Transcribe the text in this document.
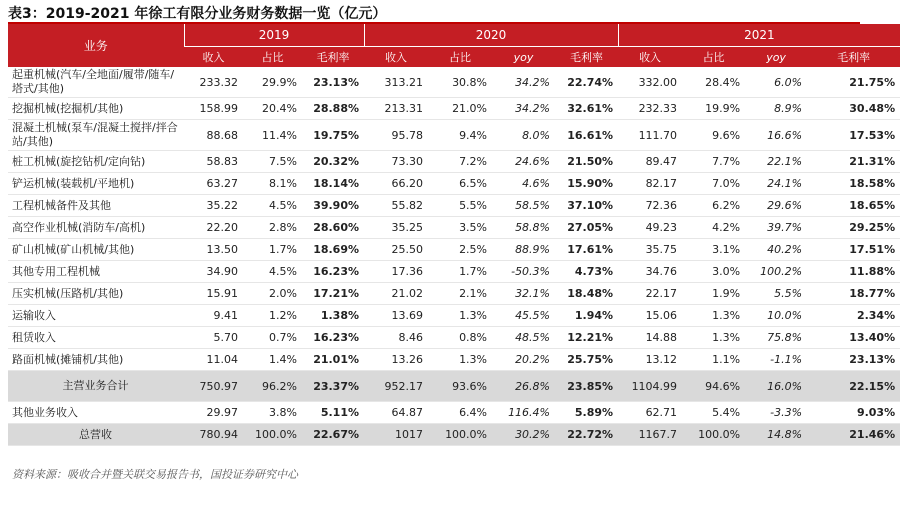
表3：2019-2021 年徐工有限分业务财务数据一览（亿元）
业务	2019			2020				2021			
	收入	占比	毛利率	收入	占比	yoy	毛利率	收入	占比	yoy	毛利率
起重机械(汽车/全地面/履带/随车/塔式/其他)	233.32	29.9%	23.13%	313.21	30.8%	34.2%	22.74%	332.00	28.4%	6.0%	21.75%
挖掘机械(挖掘机/其他)	158.99	20.4%	28.88%	213.31	21.0%	34.2%	32.61%	232.33	19.9%	8.9%	30.48%
混凝土机械(泵车/混凝土搅拌/拌合站/其他)	88.68	11.4%	19.75%	95.78	9.4%	8.0%	16.61%	111.70	9.6%	16.6%	17.53%
桩工机械(旋挖钻机/定向钻)	58.83	7.5%	20.32%	73.30	7.2%	24.6%	21.50%	89.47	7.7%	22.1%	21.31%
铲运机械(装载机/平地机)	63.27	8.1%	18.14%	66.20	6.5%	4.6%	15.90%	82.17	7.0%	24.1%	18.58%
工程机械备件及其他	35.22	4.5%	39.90%	55.82	5.5%	58.5%	37.10%	72.36	6.2%	29.6%	18.65%
高空作业机械(消防车/高机)	22.20	2.8%	28.60%	35.25	3.5%	58.8%	27.05%	49.23	4.2%	39.7%	29.25%
矿山机械(矿山机械/其他)	13.50	1.7%	18.69%	25.50	2.5%	88.9%	17.61%	35.75	3.1%	40.2%	17.51%
其他专用工程机械	34.90	4.5%	16.23%	17.36	1.7%	-50.3%	4.73%	34.76	3.0%	100.2%	11.88%
压实机械(压路机/其他)	15.91	2.0%	17.21%	21.02	2.1%	32.1%	18.48%	22.17	1.9%	5.5%	18.77%
运输收入	9.41	1.2%	1.38%	13.69	1.3%	45.5%	1.94%	15.06	1.3%	10.0%	2.34%
租赁收入	5.70	0.7%	16.23%	8.46	0.8%	48.5%	12.21%	14.88	1.3%	75.8%	13.40%
路面机械(摊铺机/其他)	11.04	1.4%	21.01%	13.26	1.3%	20.2%	25.75%	13.12	1.1%	-1.1%	23.13%
主营业务合计	750.97	96.2%	23.37%	952.17	93.6%	26.8%	23.85%	1104.99	94.6%	16.0%	22.15%
其他业务收入	29.97	3.8%	5.11%	64.87	6.4%	116.4%	5.89%	62.71	5.4%	-3.3%	9.03%
总营收	780.94	100.0%	22.67%	1017	100.0%	30.2%	22.72%	1167.7	100.0%	14.8%	21.46%
资料来源：吸收合并暨关联交易报告书，国投证券研究中心
